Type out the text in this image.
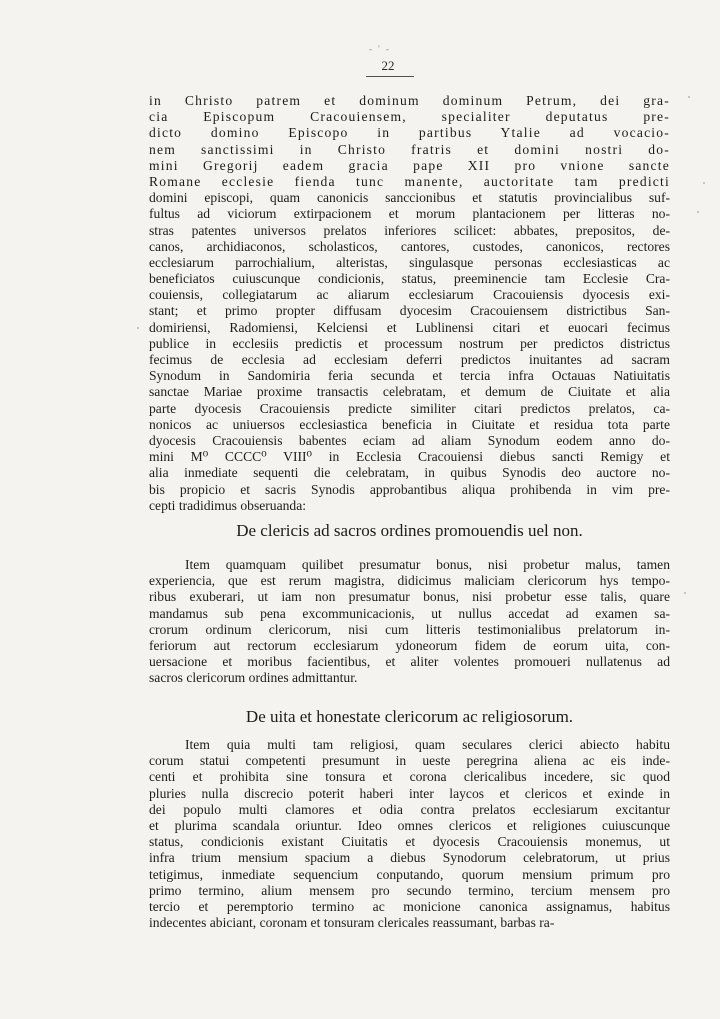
- ' -
22
in Christo patrem et dominum dominum Petrum, dei gra-
cia Episcopum Cracouiensem, specialiter deputatus pre-
dicto domino Episcopo in partibus Ytalie ad vocacio-
nem sanctissimi in Christo fratris et domini nostri do-
mini Gregorij eadem gracia pape XII pro vnione sancte
Romane ecclesie fienda tunc manente, auctoritate tam predicti
domini episcopi, quam canonicis sanccionibus et statutis provincialibus suf-
fultus ad viciorum extirpacionem et morum plantacionem per litteras no-
stras patentes universos prelatos inferiores scilicet: abbates, prepositos, de-
canos, archidiaconos, scholasticos, cantores, custodes, canonicos, rectores
ecclesiarum parrochialium, alteristas, singulasque personas ecclesiasticas ac
beneficiatos cuiuscunque condicionis, status, preeminencie tam Ecclesie Cra-
couiensis, collegiatarum ac aliarum ecclesiarum Cracouiensis dyocesis exi-
stant; et primo propter diffusam dyocesim Cracouiensem districtibus San-
domiriensi, Radomiensi, Kelciensi et Lublinensi citari et euocari fecimus
publice in ecclesiis predictis et processum nostrum per predictos districtus
fecimus de ecclesia ad ecclesiam deferri predictos inuitantes ad sacram
Synodum in Sandomiria feria secunda et tercia infra Octauas Natiuitatis
sanctae Mariae proxime transactis celebratam, et demum de Ciuitate et alia
parte dyocesis Cracouiensis predicte similiter citari predictos prelatos, ca-
nonicos ac uniuersos ecclesiastica beneficia in Ciuitate et residua tota parte
dyocesis Cracouiensis babentes eciam ad aliam Synodum eodem anno do-
mini M⁰ CCCC⁰ VIII⁰ in Ecclesia Cracouiensi diebus sancti Remigy et
alia inmediate sequenti die celebratam, in quibus Synodis deo auctore no-
bis propicio et sacris Synodis approbantibus aliqua prohibenda in vim pre-
cepti tradidimus obseruanda:
De clericis ad sacros ordines promouendis uel non.
Item quamquam quilibet presumatur bonus, nisi probetur malus, tamen
experiencia, que est rerum magistra, didicimus maliciam clericorum hys tempo-
ribus exuberari, ut iam non presumatur bonus, nisi probetur esse talis, quare
mandamus sub pena excommunicacionis, ut nullus accedat ad examen sa-
crorum ordinum clericorum, nisi cum litteris testimonialibus prelatorum in-
feriorum aut rectorum ecclesiarum ydoneorum fidem de eorum uita, con-
uersacione et moribus facientibus, et aliter volentes promoueri nullatenus ad
sacros clericorum ordines admittantur.
De uita et honestate clericorum ac religiosorum.
Item quia multi tam religiosi, quam seculares clerici abiecto habitu
corum statui competenti presumunt in ueste peregrina aliena ac eis inde-
centi et prohibita sine tonsura et corona clericalibus incedere, sic quod
pluries nulla discrecio poterit haberi inter laycos et clericos et exinde in
dei populo multi clamores et odia contra prelatos ecclesiarum excitantur
et plurima scandala oriuntur. Ideo omnes clericos et religiones cuiuscunque
status, condicionis existant Ciuitatis et dyocesis Cracouiensis monemus, ut
infra trium mensium spacium a diebus Synodorum celebratorum, ut prius
tetigimus, inmediate sequencium conputando, quorum mensium primum pro
primo termino, alium mensem pro secundo termino, tercium mensem pro
tercio et peremptorio termino ac monicione canonica assignamus, habitus
indecentes abiciant, coronam et tonsuram clericales reassumant, barbas ra-
